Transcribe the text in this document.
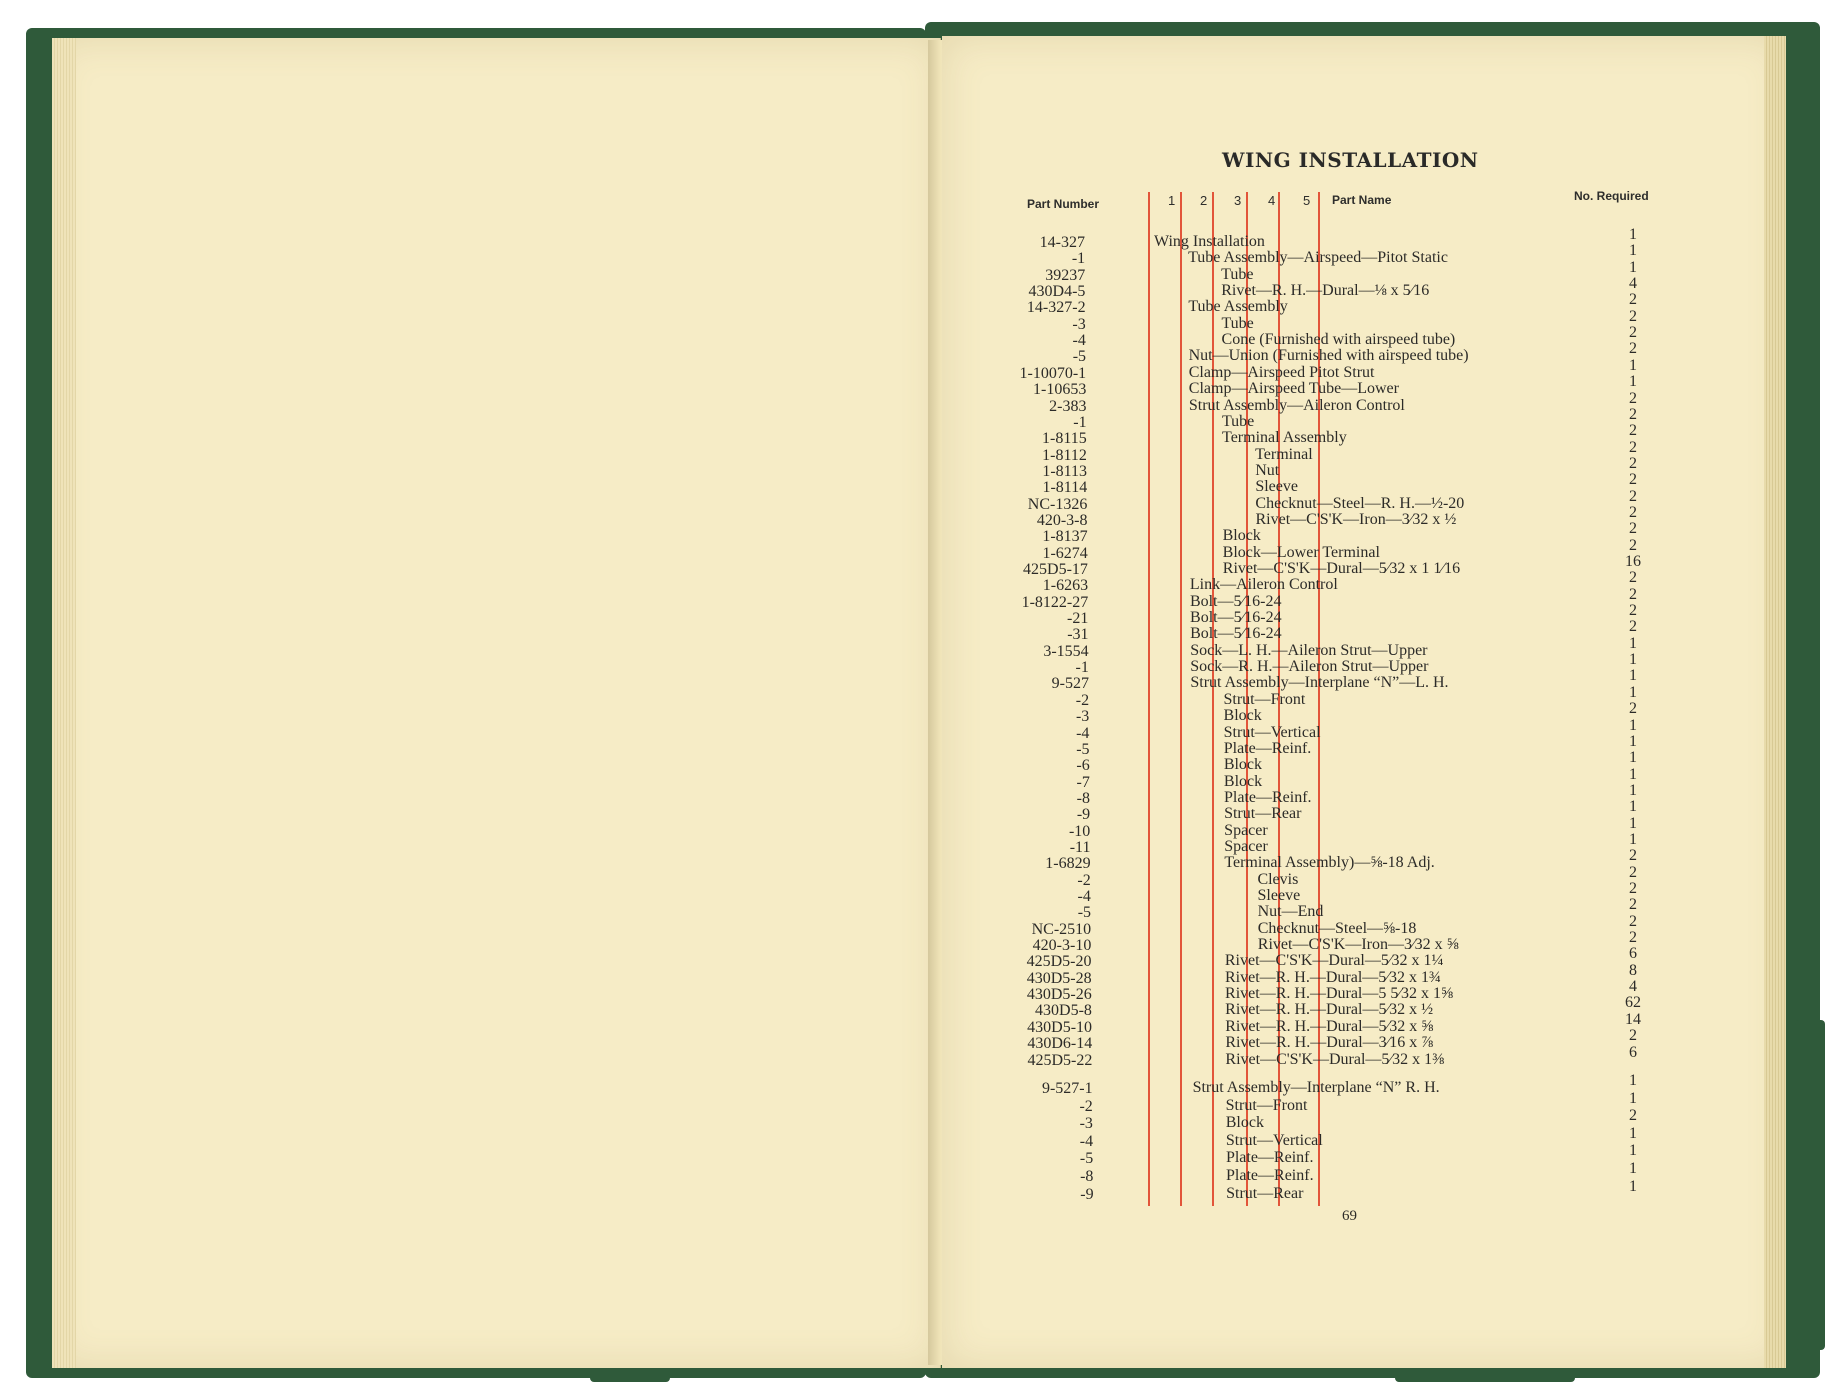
WING INSTALLATION
Part Number	Part Name	No. Required
1 2 3 4 5
14-327	Wing Installation	1
-1	Tube Assembly—Airspeed—Pitot Static	1
39237	Tube	1
430D4-5	Rivet—R. H.—Dural—⅛ x 5⁄16	4
14-327-2	Tube Assembly	2
-3	Tube	2
-4	Cone (Furnished with airspeed tube)	2
-5	Nut—Union (Furnished with airspeed tube)	2
1-10070-1	Clamp—Airspeed Pitot Strut	1
1-10653	Clamp—Airspeed Tube—Lower	1
2-383	Strut Assembly—Aileron Control	2
-1	Tube	2
1-8115	Terminal Assembly	2
1-8112	Terminal	2
1-8113	Nut	2
1-8114	Sleeve	2
NC-1326	Checknut—Steel—R. H.—½-20	2
420-3-8	Rivet—C'S'K—Iron—3⁄32 x ½	2
1-8137	Block	2
1-6274	Block—Lower Terminal	2
425D5-17	Rivet—C'S'K—Dural—5⁄32 x 1 1⁄16	16
1-6263	Link—Aileron Control	2
1-8122-27	Bolt—5⁄16-24	2
-21	Bolt—5⁄16-24	2
-31	Bolt—5⁄16-24	2
3-1554	Sock—L. H.—Aileron Strut—Upper	1
-1	Sock—R. H.—Aileron Strut—Upper	1
9-527	Strut Assembly—Interplane “N”—L. H.	1
-2	Strut—Front	1
-3	Block	2
-4	Strut—Vertical	1
-5	Plate—Reinf.	1
-6	Block	1
-7	Block	1
-8	Plate—Reinf.	1
-9	Strut—Rear	1
-10	Spacer	1
-11	Spacer	1
1-6829	Terminal Assembly)—⅝-18 Adj.	2
-2	Clevis	2
-4	Sleeve	2
-5	Nut—End	2
NC-2510	Checknut—Steel—⅝-18	2
420-3-10	Rivet—C'S'K—Iron—3⁄32 x ⅝	2
425D5-20	Rivet—C'S'K—Dural—5⁄32 x 1¼	6
430D5-28	Rivet—R. H.—Dural—5⁄32 x 1¾	8
430D5-26	Rivet—R. H.—Dural—5 5⁄32 x 1⅝	4
430D5-8	Rivet—R. H.—Dural—5⁄32 x ½	62
430D5-10	Rivet—R. H.—Dural—5⁄32 x ⅝	14
430D6-14	Rivet—R. H.—Dural—3⁄16 x ⅞	2
425D5-22	Rivet—C'S'K—Dural—5⁄32 x 1⅜	6
9-527-1	Strut Assembly—Interplane “N” R. H.	1
-2	Strut—Front	1
-3	Block	2
-4	Strut—Vertical	1
-5	Plate—Reinf.	1
-8	Plate—Reinf.	1
-9	Strut—Rear	1
69
